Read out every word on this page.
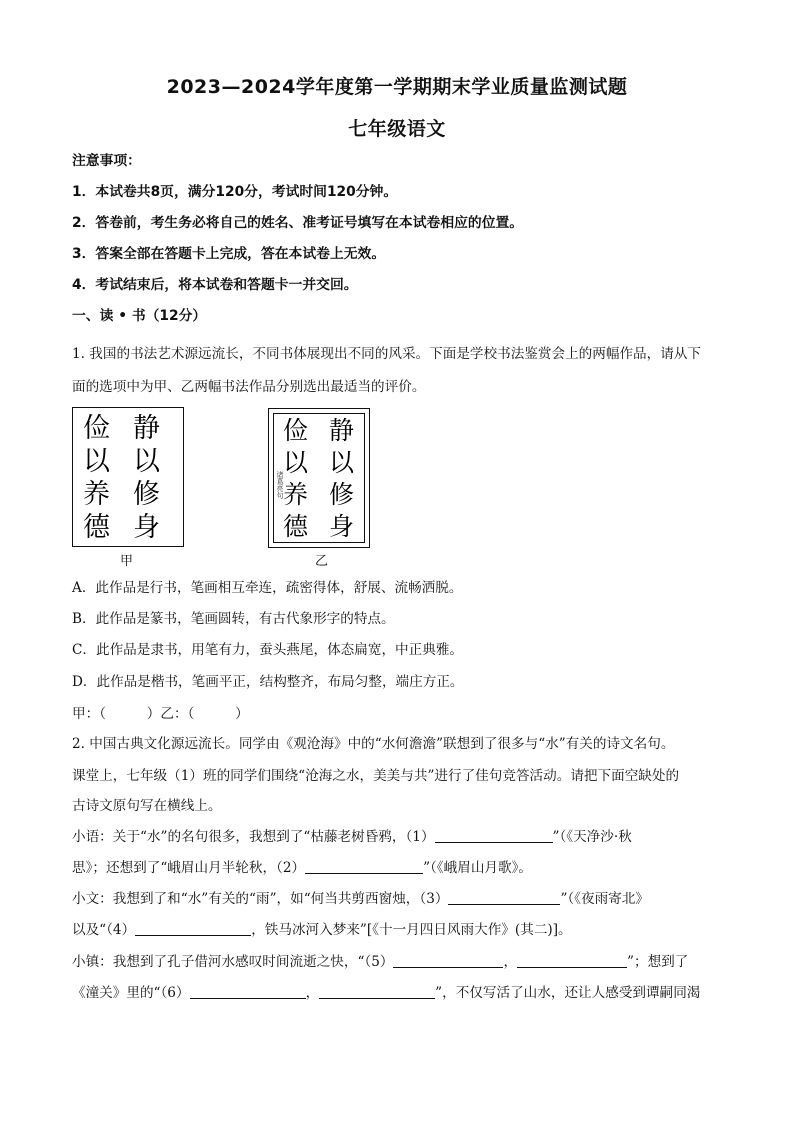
2023—2024学年度第一学期期末学业质量监测试题
七年级语文
注意事项：
1．本试卷共8页，满分120分，考试时间120分钟。
2．答卷前，考生务必将自己的姓名、准考证号填写在本试卷相应的位置。
3．答案全部在答题卡上完成，答在本试卷上无效。
4．考试结束后，将本试卷和答题卡一并交回。
一、读 • 书（12分）
1. 我国的书法艺术源远流长，不同书体展现出不同的风采。下面是学校书法鉴赏会上的两幅作品，请从下
面的选项中为甲、乙两幅书法作品分别选出最适当的评价。
俭以养德
静以修身
甲
俭以养德
静以修身
诸葛亮句
乙
A．此作品是行书，笔画相互牵连，疏密得体，舒展、流畅洒脱。
B．此作品是篆书，笔画圆转，有古代象形字的特点。
C．此作品是隶书，用笔有力，蚕头燕尾，体态扁宽，中正典雅。
D．此作品是楷书，笔画平正，结构整齐，布局匀整，端庄方正。
甲：（　　　）乙：（　　　）
2. 中国古典文化源远流长。同学由《观沧海》中的“水何澹澹”联想到了很多与“水”有关的诗文名句。
课堂上，七年级（1）班的同学们围绕“沧海之水，美美与共”进行了佳句竞答活动。请把下面空缺处的
古诗文原句写在横线上。
小语：关于“水”的名句很多，我想到了“枯藤老树昏鸦，（1）	”（《天净沙·秋
思》；还想到了“峨眉山月半轮秋，（2）	”（《峨眉山月歌》。
小文：我想到了和“水”有关的“雨”，如“何当共剪西窗烛，（3）	”（《夜雨寄北》
以及“（4）	，铁马冰河入梦来”[《十一月四日风雨大作》(其二)]。
小镇：我想到了孔子借河水感叹时间流逝之快，“（5）	，	”；想到了
《潼关》里的“（6）	，	”，不仅写活了山水，还让人感受到谭嗣同渴
